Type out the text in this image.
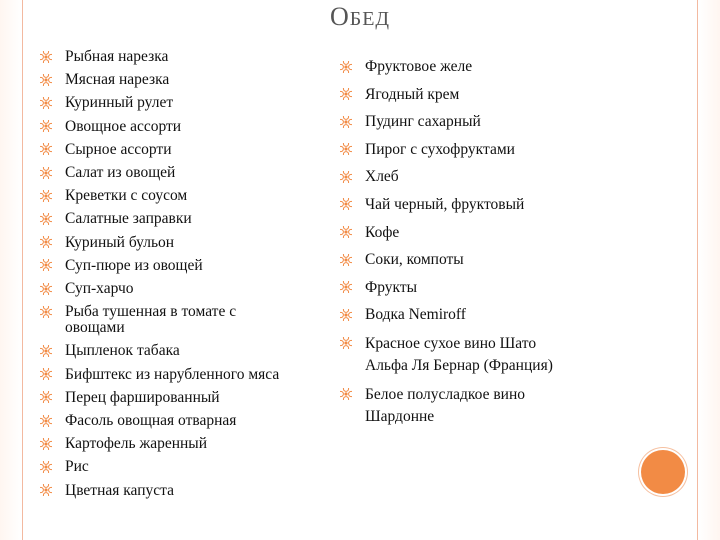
ОБЕД
Рыбная нарезка
Мясная нарезка
Куринный рулет
Овощное ассорти
Сырное ассорти
Салат из овощей
Креветки с соусом
Салатные заправки
Куриный бульон
Суп-пюре из овощей
Суп-харчо
Рыба тушенная в томате с
овощами
Цыпленок табака
Бифштекс из нарубленного мяса
Перец фаршированный
Фасоль овощная отварная
Картофель жаренный
Рис
Цветная капуста
Фруктовое желе
Ягодный крем
Пудинг сахарный
Пирог с сухофруктами
Хлеб
Чай черный, фруктовый
Кофе
Соки, компоты
Фрукты
Водка Nemiroff
Красное сухое вино Шато
Альфа Ля Бернар (Франция)
Белое полусладкое вино
Шардонне
